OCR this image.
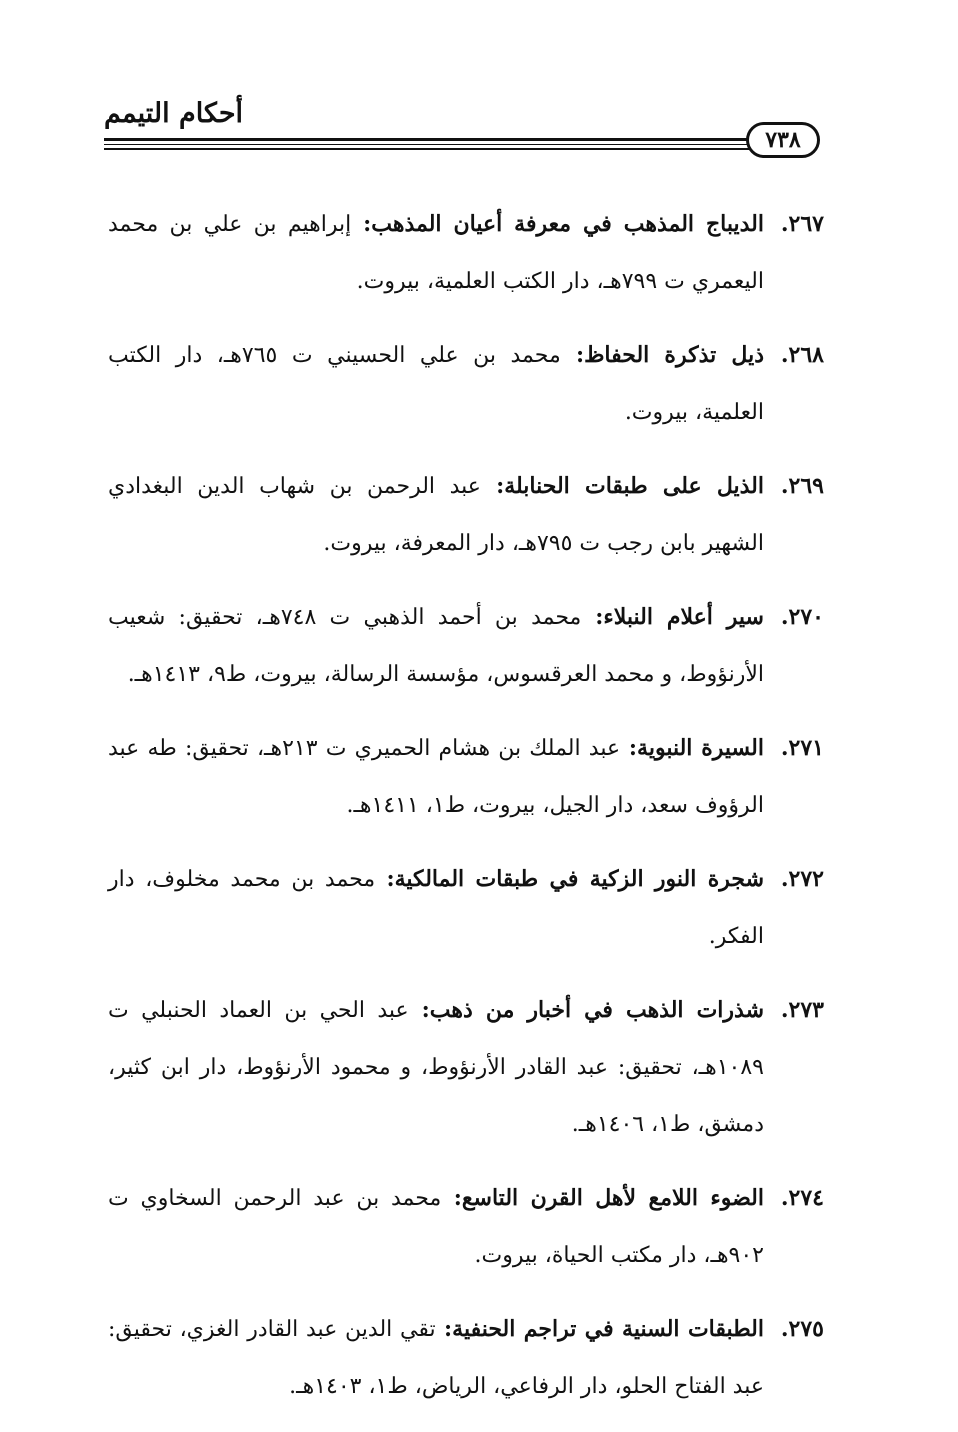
أحكام التيمم
٧٣٨
٢٦٧.
الديباج المذهب في معرفة أعيان المذهب: إبراهيم بن علي بن محمد اليعمري ت ٧٩٩هـ، دار الكتب العلمية، بيروت.
٢٦٨.
ذيل تذكرة الحفاظ: محمد بن علي الحسيني ت ٧٦٥هـ، دار الكتب العلمية، بيروت.
٢٦٩.
الذيل على طبقات الحنابلة: عبد الرحمن بن شهاب الدين البغدادي الشهير بابن رجب ت ٧٩٥هـ، دار المعرفة، بيروت.
٢٧٠.
سير أعلام النبلاء: محمد بن أحمد الذهبي ت ٧٤٨هـ، تحقيق: شعيب الأرنؤوط، و محمد العرقسوس، مؤسسة الرسالة، بيروت، ط٩، ١٤١٣هـ.
٢٧١.
السيرة النبوية: عبد الملك بن هشام الحميري ت ٢١٣هـ، تحقيق: طه عبد الرؤوف سعد، دار الجيل، بيروت، ط١، ١٤١١هـ.
٢٧٢.
شجرة النور الزكية في طبقات المالكية: محمد بن محمد مخلوف، دار الفكر.
٢٧٣.
شذرات الذهب في أخبار من ذهب: عبد الحي بن العماد الحنبلي ت ١٠٨٩هـ، تحقيق: عبد القادر الأرنؤوط، و محمود الأرنؤوط، دار ابن كثير، دمشق، ط١، ١٤٠٦هـ.
٢٧٤.
الضوء اللامع لأهل القرن التاسع: محمد بن عبد الرحمن السخاوي ت ٩٠٢هـ، دار مكتب الحياة، بيروت.
٢٧٥.
الطبقات السنية في تراجم الحنفية: تقي الدين عبد القادر الغزي، تحقيق: عبد الفتاح الحلو، دار الرفاعي، الرياض، ط١، ١٤٠٣هـ.
